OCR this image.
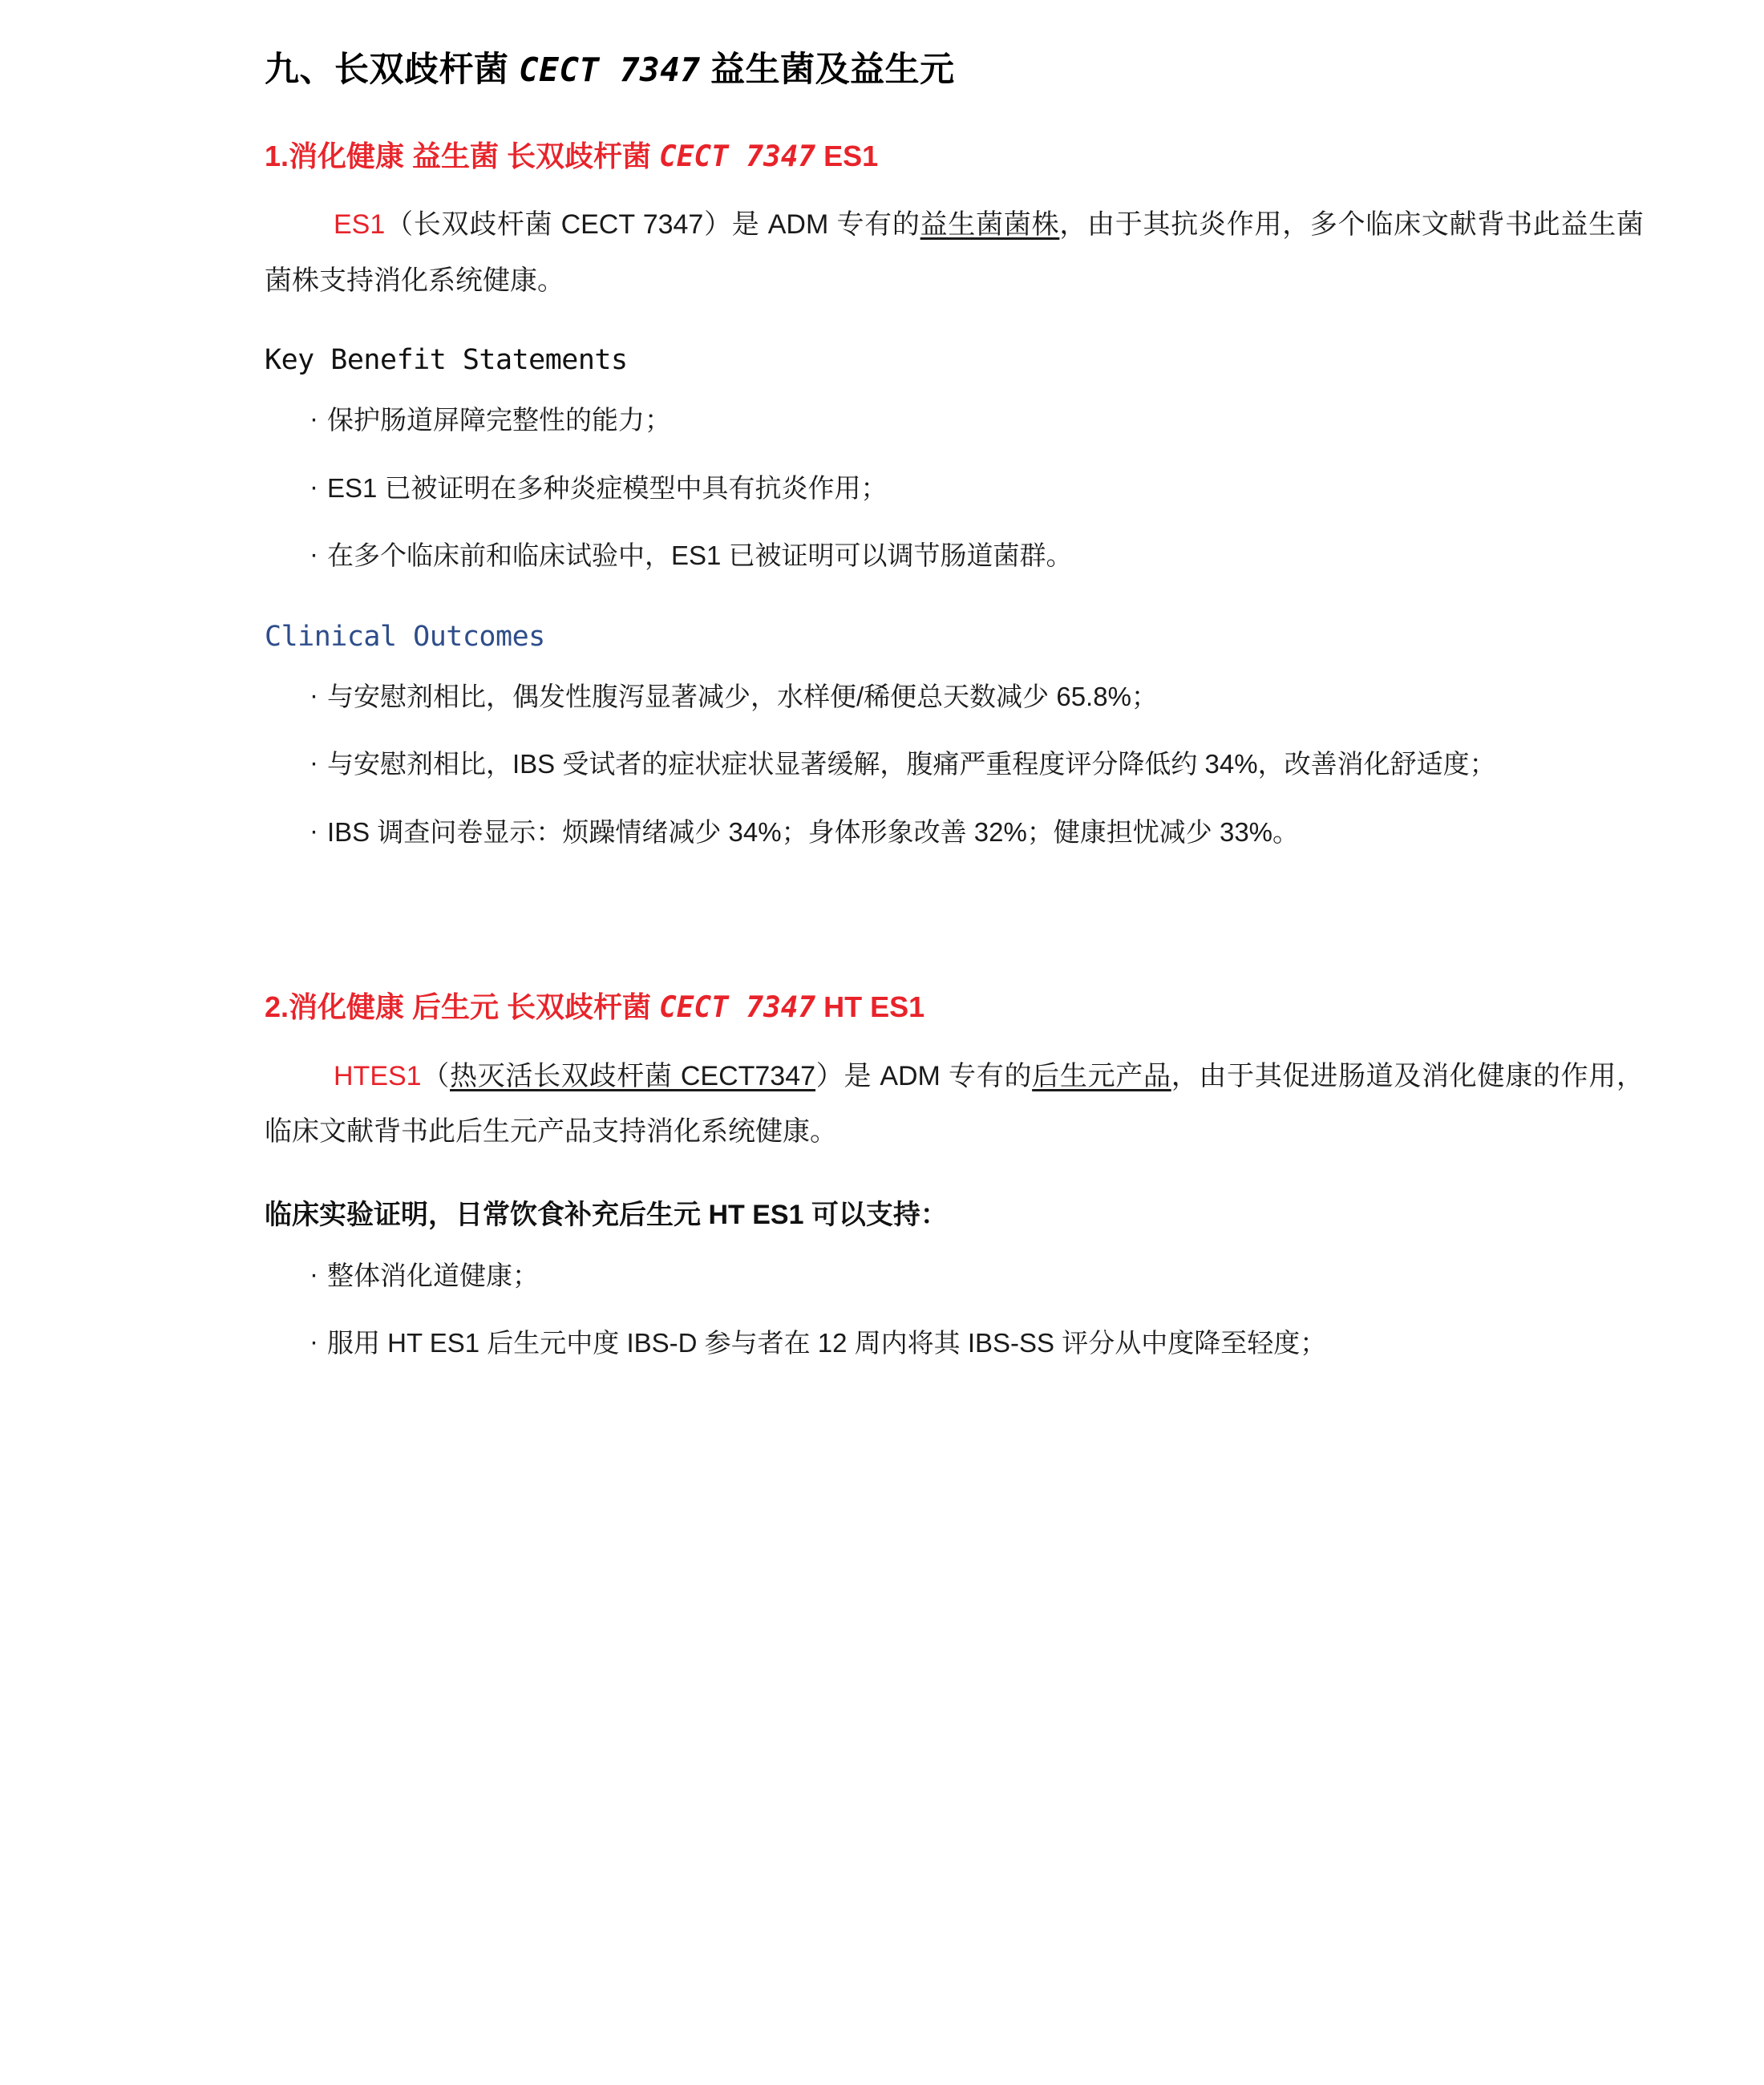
九、长双歧杆菌 CECT 7347 益生菌及益生元
1.消化健康 益生菌 长双歧杆菌 CECT 7347 ES1

ES1（长双歧杆菌 CECT 7347）是 ADM 专有的益生菌菌株，由于其抗炎作用，多个临床文献背书此益生菌菌株支持消化系统健康。

Key Benefit Statements
· 保护肠道屏障完整性的能力；
· ES1 已被证明在多种炎症模型中具有抗炎作用；
· 在多个临床前和临床试验中，ES1 已被证明可以调节肠道菌群。
Clinical Outcomes
· 与安慰剂相比，偶发性腹泻显著减少，水样便/稀便总天数减少 65.8%；
· 与安慰剂相比，IBS 受试者的症状症状显著缓解，腹痛严重程度评分降低约 34%，改善消化舒适度；
· IBS 调查问卷显示：烦躁情绪减少 34%；身体形象改善 32%；健康担忧减少 33%。
2.消化健康 后生元 长双歧杆菌 CECT 7347 HT ES1

HTES1（热灭活长双歧杆菌 CECT7347）是 ADM 专有的后生元产品，由于其促进肠道及消化健康的作用，临床文献背书此后生元产品支持消化系统健康。

临床实验证明，日常饮食补充后生元 HT ES1 可以支持：
· 整体消化道健康；
· 服用 HT ES1 后生元中度 IBS-D 参与者在 12 周内将其 IBS-SS 评分从中度降至轻度；
